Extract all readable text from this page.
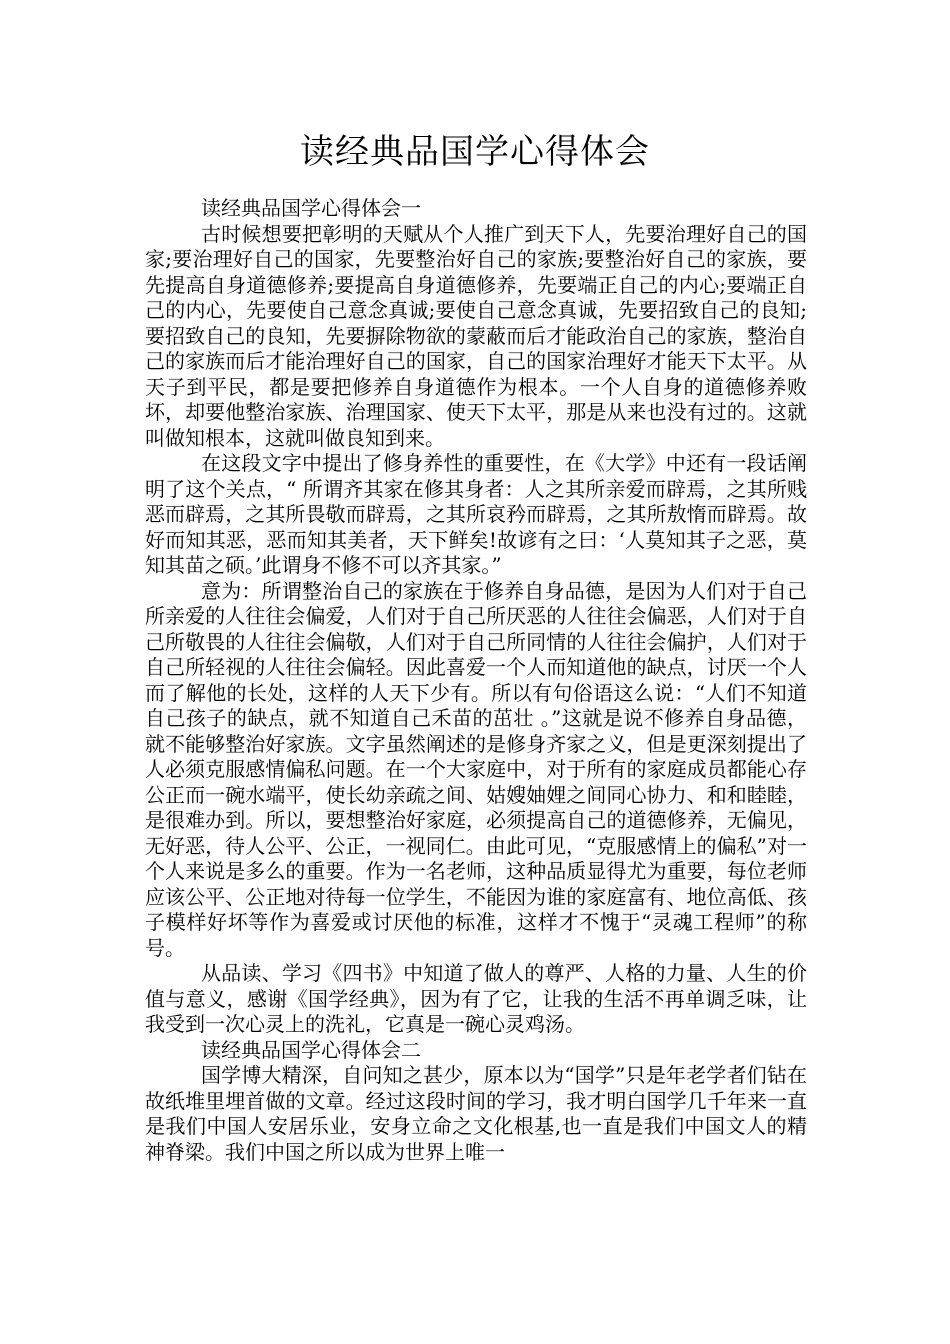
读经典品国学心得体会

读经典品国学心得体会一

古时候想要把彰明的天赋从个人推广到天下人，先要治理好自己的国家;要治理好自己的国家，先要整治好自己的家族;要整治好自己的家族，要先提高自身道德修养;要提高自身道德修养，先要端正自己的内心;要端正自己的内心，先要使自己意念真诚;要使自己意念真诚，先要招致自己的良知;要招致自己的良知，先要摒除物欲的蒙蔽而后才能政治自己的家族，整治自己的家族而后才能治理好自己的国家，自己的国家治理好才能天下太平。从天子到平民，都是要把修养自身道德作为根本。一个人自身的道德修养败坏，却要他整治家族、治理国家、使天下太平，那是从来也没有过的。这就叫做知根本，这就叫做良知到来。

在这段文字中提出了修身养性的重要性，在《大学》中还有一段话阐明了这个关点，“ 所谓齐其家在修其身者：人之其所亲爱而辟焉，之其所贱恶而辟焉，之其所畏敬而辟焉，之其所哀矜而辟焉，之其所敖惰而辟焉。故好而知其恶，恶而知其美者，天下鲜矣!故谚有之曰：‘人莫知其子之恶，莫知其苗之硕。’此谓身不修不可以齐其家。”

意为：所谓整治自己的家族在于修养自身品德，是因为人们对于自己所亲爱的人往往会偏爱，人们对于自己所厌恶的人往往会偏恶，人们对于自己所敬畏的人往往会偏敬，人们对于自己所同情的人往往会偏护，人们对于自己所轻视的人往往会偏轻。因此喜爱一个人而知道他的缺点，讨厌一个人而了解他的长处，这样的人天下少有。所以有句俗语这么说：“人们不知道自己孩子的缺点，就不知道自己禾苗的茁壮 。”这就是说不修养自身品德，就不能够整治好家族。文字虽然阐述的是修身齐家之义，但是更深刻提出了人必须克服感情偏私问题。在一个大家庭中，对于所有的家庭成员都能心存公正而一碗水端平，使长幼亲疏之间、姑嫂妯娌之间同心协力、和和睦睦，是很难办到。所以，要想整治好家庭，必须提高自己的道德修养，无偏见，无好恶，待人公平、公正，一视同仁。由此可见，“克服感情上的偏私”对一个人来说是多么的重要。作为一名老师，这种品质显得尤为重要，每位老师应该公平、公正地对待每一位学生，不能因为谁的家庭富有、地位高低、孩子模样好坏等作为喜爱或讨厌他的标准，这样才不愧于“灵魂工程师”的称号。

从品读、学习《四书》中知道了做人的尊严、人格的力量、人生的价值与意义，感谢《国学经典》，因为有了它，让我的生活不再单调乏味，让我受到一次心灵上的洗礼，它真是一碗心灵鸡汤。

读经典品国学心得体会二

国学博大精深，自问知之甚少，原本以为“国学”只是年老学者们钻在故纸堆里埋首做的文章。经过这段时间的学习，我才明白国学几千年来一直是我们中国人安居乐业，安身立命之文化根基,也一直是我们中国文人的精神脊梁。我们中国之所以成为世界上唯一
